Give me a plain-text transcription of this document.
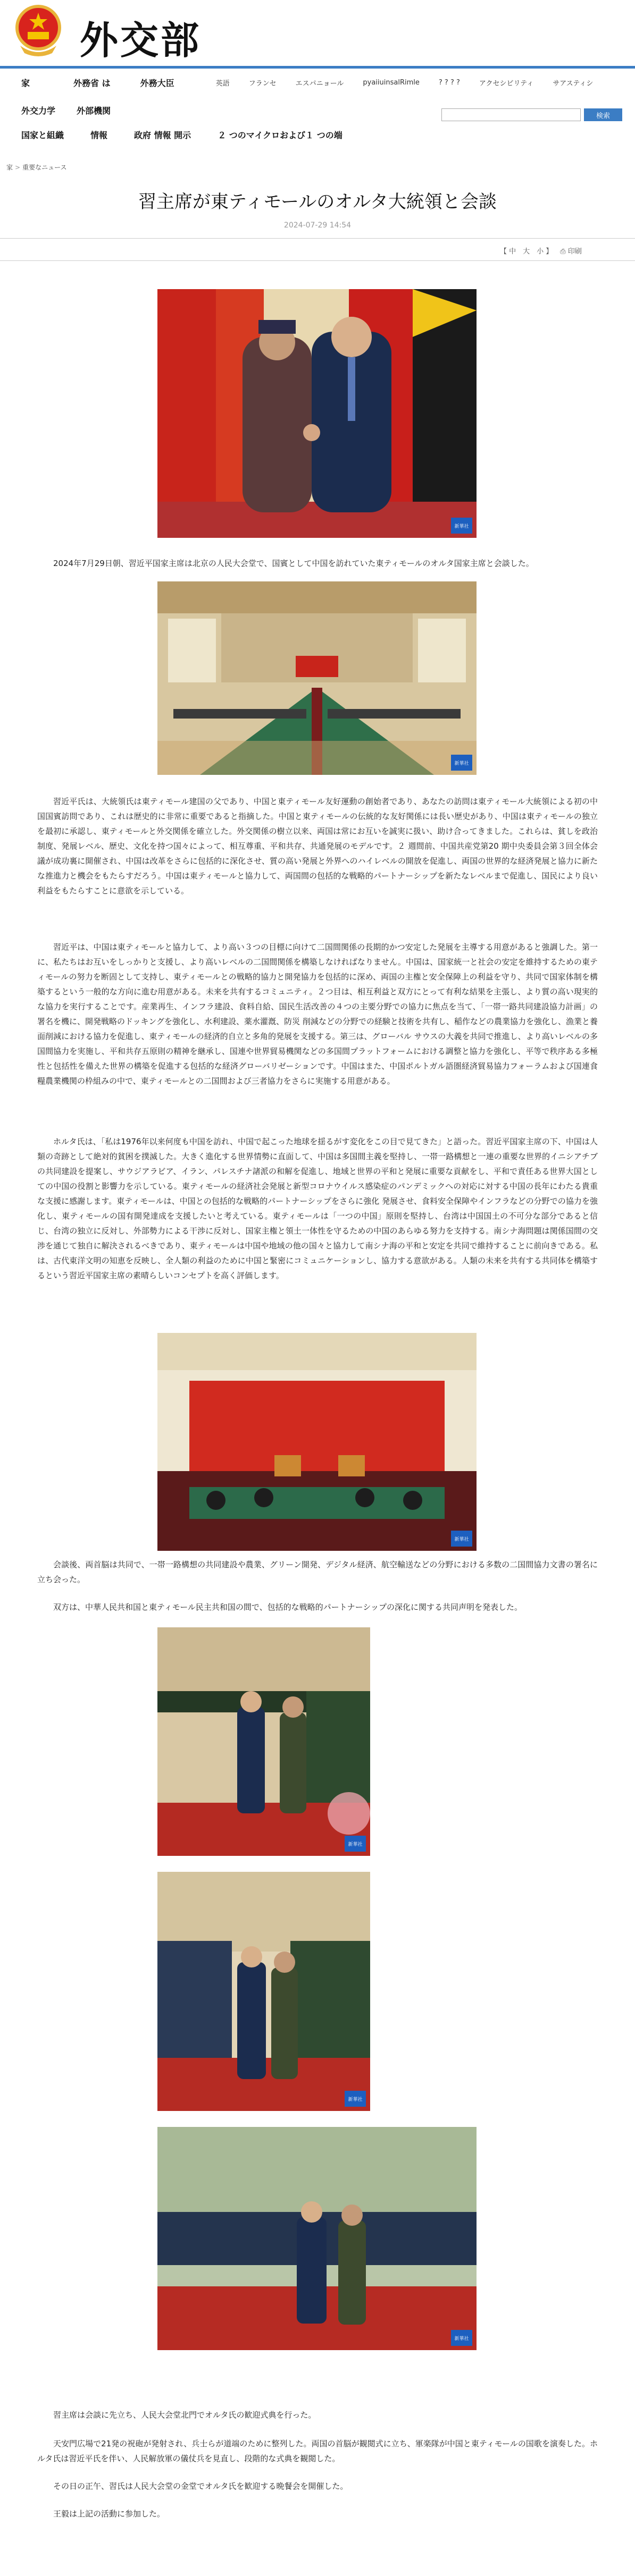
外交部
家	外務省 は	外務大臣	英語	フランセ	エスパニョール	pyaiiuinsalRimle	? ? ? ?	アクセシビリティ	サアスティシ
外交力学	外部機関
国家と組織	情報	政府 情報 開示	２ つのマイクロおよび１ つの端
検索
家 > 重要なニュース
習主席が東ティモールのオルタ大統領と会談
2024-07-29 14:54
【 中　大　小 】 ⎙ 印刷
新華社
2024年7月29日朝、習近平国家主席は北京の人民大会堂で、国賓として中国を訪れていた東ティモールのオルタ国家主席と会談した。
新華社
習近平氏は、大統領氏は東ティモール建国の父であり、中国と東ティモール友好運動の創始者であり、あなたの訪問は東ティモール大統領による初の中国国賓訪問であり、これは歴史的に非常に重要であると指摘した。中国と東ティモールの伝統的な友好関係には長い歴史があり、中国は東ティモールの独立を最初に承認し、東ティモールと外交関係を確立した。外交関係の樹立以来、両国は常にお互いを誠実に扱い、助け合ってきました。これらは、貧しを政治制度、発展レベル、歴史、文化を持つ国々によって、相互尊重、平和共存、共通発展のモデルです。２ 週間前、中国共産党第20 期中央委員会第３回全体会議が成功裏に開催され、中国は改革をさらに包括的に深化させ、質の高い発展と外界へのハイレベルの開放を促進し、両国の世界的な経済発展と協力に新たな推進力と機会をもたらすだろう。中国は東ティモールと協力して、両国間の包括的な戦略的パートナーシップを新たなレベルまで促進し、国民により良い利益をもたらすことに意欲を示している。
習近平は、中国は東ティモールと協力して、より高い３つの目標に向けて二国間関係の長期的かつ安定した発展を主導する用意があると強調した。第一に、私たちはお互いをしっかりと支援し、より高いレベルの二国間関係を構築しなければなりません。中国は、国家統一と社会の安定を維持するための東ティモールの努力を断固として支持し、東ティモールとの戦略的協力と開発協力を包括的に深め、両国の主権と安全保障上の利益を守り、共同で国家体制を構築するという一般的な方向に進む用意がある。未来を共有するコミュニティ。２つ目は、相互利益と双方にとって有利な結果を主張し、より質の高い現実的な協力を実行することです。産業再生、インフラ建設、食料自給、国民生活改善の４つの主要分野での協力に焦点を当て、「一帯一路共同建設協力計画」の署名を機に、開発戦略のドッキングを強化し、水利建設、薬水灌漑、防災 削減などの分野での経験と技術を共有し、稲作などの農業協力を強化し、漁業と養面削減における協力を促進し、東ティモールの経済的自立と多角的発展を支援する。第三は、グローバル サウスの大義を共同で推進し、より高いレベルの多国間協力を実施し、平和共存五原則の精神を継承し、国連や世界貿易機関などの多国間プラットフォームにおける調整と協力を強化し、平等で秩序ある多極性と包括性を備えた世界の構築を促進する包括的な経済グローバリゼーションです。中国はまた、中国ポルトガル語圏経済貿易協力フォーラムおよび国連食糧農業機関の枠組みの中で、東ティモールとの二国間および三者協力をさらに実施する用意がある。
ホルタ氏は、「私は1976年以来何度も中国を訪れ、中国で起こった地球を揺るがす変化をこの目で見てきた」と語った。習近平国家主席の下、中国は人類の奇跡として絶対的貧困を撲滅した。大きく進化する世界情勢に直面して、中国は多国間主義を堅持し、一帯一路構想と一連の重要な世界的イニシアチブの共同建設を提案し、サウジアラビア、イラン、パレスチナ諸派の和解を促進し、地域と世界の平和と発展に重要な貢献をし、平和で責任ある世界大国としての中国の役割と影響力を示している。東ティモールの経済社会発展と新型コロナウイルス感染症のパンデミックへの対応に対する中国の長年にわたる貴重な支援に感謝します。東ティモールは、中国との包括的な戦略的パートナーシップをさらに強化 発展させ、食料安全保障やインフラなどの分野での協力を強化し、東ティモールの国有開発達成を支援したいと考えている。東ティモールは「一つの中国」原則を堅持し、台湾は中国国土の不可分な部分であると信じ、台湾の独立に反対し、外部勢力による干渉に反対し、国家主権と領土一体性を守るための中国のあらゆる努力を支持する。南シナ海問題は関係国間の交渉を通じて独自に解決されるべきであり、東ティモールは中国や地域の他の国々と協力して南シナ海の平和と安定を共同で維持することに前向きである。私は、古代東洋文明の知恵を反映し、全人類の利益のために中国と緊密にコミュニケーションし、協力する意欲がある。人類の未来を共有する共同体を構築するという習近平国家主席の素晴らしいコンセプトを高く評価します。
新華社
会談後、両首脳は共同で、一帯一路構想の共同建設や農業、グリーン開発、デジタル経済、航空輸送などの分野における多数の二国間協力文書の署名に立ち会った。
双方は、中華人民共和国と東ティモール民主共和国の間で、包括的な戦略的パートナーシップの深化に関する共同声明を発表した。
新華社
新華社
新華社
習主席は会談に先立ち、人民大会堂北門でオルタ氏の歓迎式典を行った。
天安門広場で21発の祝砲が発射され、兵士らが道端のために整列した。両国の首脳が観閲式に立ち、軍楽隊が中国と東ティモールの国歌を演奏した。ホルタ氏は習近平氏を伴い、人民解放軍の儀仗兵を見直し、段階的な式典を観閲した。
その日の正午、習氏は人民大会堂の金堂でオルタ氏を歓迎する晩餐会を開催した。
王毅は上記の活動に参加した。
